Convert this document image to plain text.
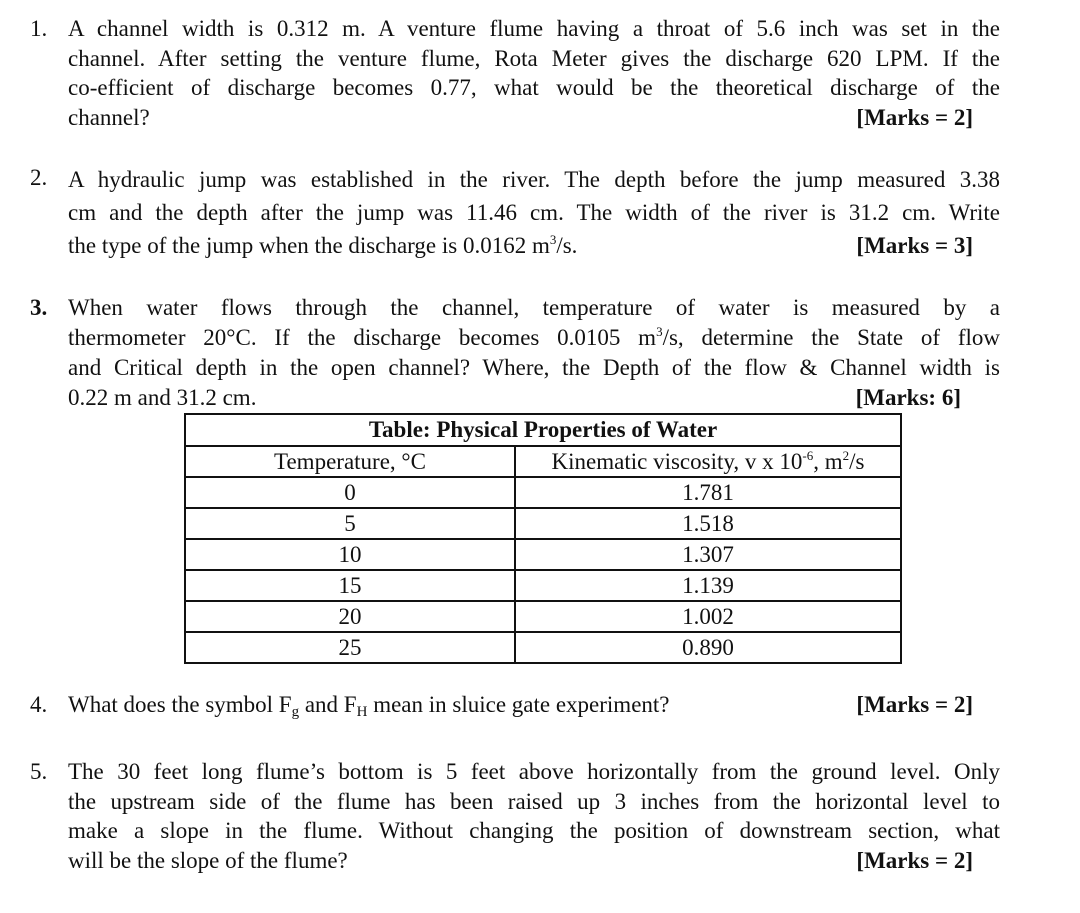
1. A channel width is 0.312 m. A venture flume having a throat of 5.6 inch was set in the
channel. After setting the venture flume, Rota Meter gives the discharge 620 LPM. If the
co-efficient of discharge becomes 0.77, what would be the theoretical discharge of the
channel?	[Marks = 2]
2. A hydraulic jump was established in the river. The depth before the jump measured 3.38
cm and the depth after the jump was 11.46 cm. The width of the river is 31.2 cm. Write
the type of the jump when the discharge is 0.0162 $m^3/s$.	[Marks = 3]
3. When water flows through the channel, temperature of water is measured by a
thermometer 20°C. If the discharge becomes 0.0105 $m^3/s$, determine the State of flow
and Critical depth in the open channel? Where, the Depth of the flow & Channel width is
0.22 m and 31.2 cm.	[Marks: 6]
Table: Physical Properties of Water	
Temperature, °C	Kinematic viscosity, v x $10^{-6}$, $m^2/s$
0	1.781
5	1.518
10	1.307
15	1.139
20	1.002
25	0.890
4. What does the symbol $F_g$ and $F_H$ mean in sluice gate experiment?	[Marks = 2]
5. The 30 feet long flume’s bottom is 5 feet above horizontally from the ground level. Only
the upstream side of the flume has been raised up 3 inches from the horizontal level to
make a slope in the flume. Without changing the position of downstream section, what
will be the slope of the flume?	[Marks = 2]
